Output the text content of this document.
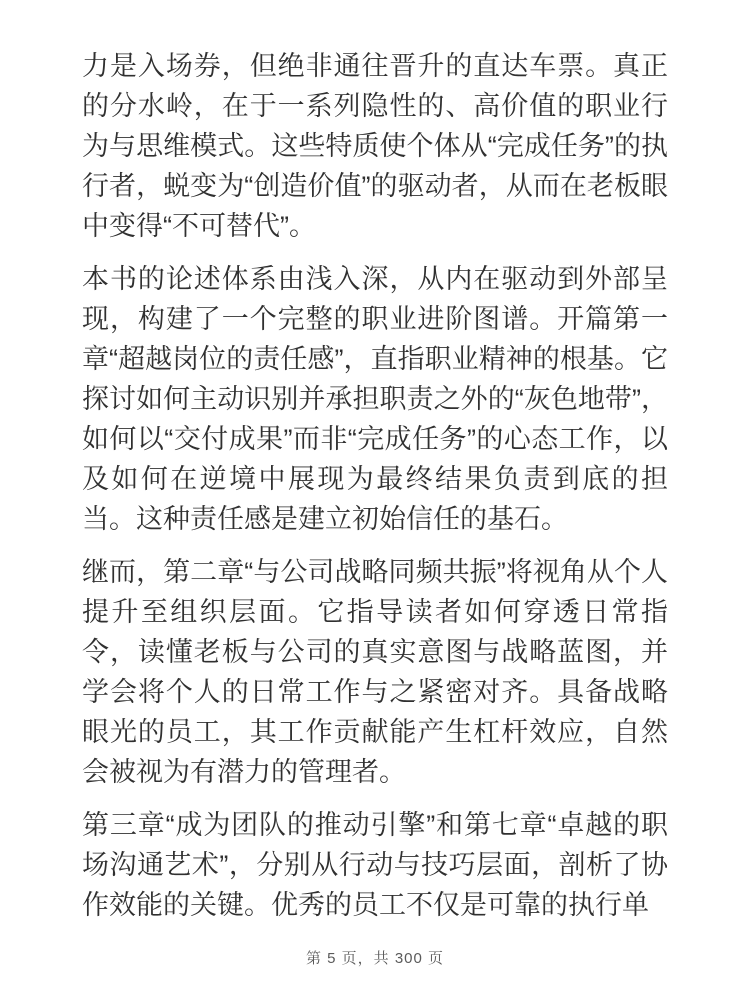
力是入场券，但绝非通往晋升的直达车票。真正的分水岭，在于一系列隐性的、高价值的职业行为与思维模式。这些特质使个体从“完成任务”的执行者，蜕变为“创造价值”的驱动者，从而在老板眼中变得“不可替代”。

本书的论述体系由浅入深，从内在驱动到外部呈现，构建了一个完整的职业进阶图谱。开篇第一章“超越岗位的责任感”，直指职业精神的根基。它探讨如何主动识别并承担职责之外的“灰色地带”，如何以“交付成果”而非“完成任务”的心态工作，以及如何在逆境中展现为最终结果负责到底的担当。这种责任感是建立初始信任的基石。

继而，第二章“与公司战略同频共振”将视角从个人提升至组织层面。它指导读者如何穿透日常指令，读懂老板与公司的真实意图与战略蓝图，并学会将个人的日常工作与之紧密对齐。具备战略眼光的员工，其工作贡献能产生杠杆效应，自然会被视为有潜力的管理者。

第三章“成为团队的推动引擎”和第七章“卓越的职场沟通艺术”，分别从行动与技巧层面，剖析了协作效能的关键。优秀的员工不仅是可靠的执行单

第 5 页，共 300 页
